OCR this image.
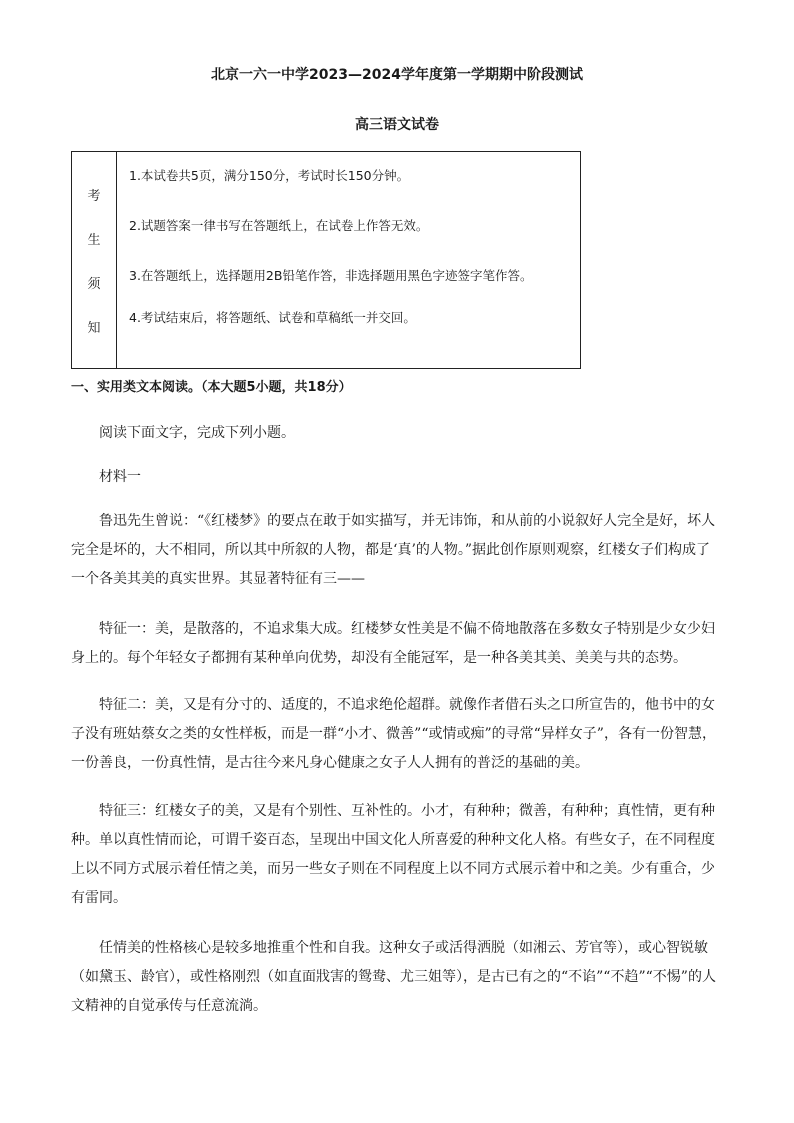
北京一六一中学2023—2024学年度第一学期期中阶段测试
高三语文试卷
考
生
须
知

1.本试卷共5页，满分150分，考试时长150分钟。

2.试题答案一律书写在答题纸上，在试卷上作答无效。

3.在答题纸上，选择题用2B铅笔作答，非选择题用黑色字迹签字笔作答。

4.考试结束后，将答题纸、试卷和草稿纸一并交回。

一、实用类文本阅读。（本大题5小题，共18分）

阅读下面文字，完成下列小题。

材料一

鲁迅先生曾说：“《红楼梦》的要点在敢于如实描写，并无讳饰，和从前的小说叙好人完全是好，坏人完全是坏的，大不相同，所以其中所叙的人物，都是‘真’的人物。”据此创作原则观察，红楼女子们构成了一个各美其美的真实世界。其显著特征有三——

特征一：美，是散落的，不追求集大成。红楼梦女性美是不偏不倚地散落在多数女子特别是少女少妇身上的。每个年轻女子都拥有某种单向优势，却没有全能冠军，是一种各美其美、美美与共的态势。

特征二：美，又是有分寸的、适度的，不追求绝伦超群。就像作者借石头之口所宣告的，他书中的女子没有班姑蔡女之类的女性样板，而是一群“小才、微善”“或情或痴”的寻常“异样女子”，各有一份智慧，一份善良，一份真性情，是古往今来凡身心健康之女子人人拥有的普泛的基础的美。

特征三：红楼女子的美，又是有个别性、互补性的。小才，有种种；微善，有种种；真性情，更有种种。单以真性情而论，可谓千姿百态，呈现出中国文化人所喜爱的种种文化人格。有些女子，在不同程度上以不同方式展示着任情之美，而另一些女子则在不同程度上以不同方式展示着中和之美。少有重合，少有雷同。

任情美的性格核心是较多地推重个性和自我。这种女子或活得洒脱（如湘云、芳官等），或心智锐敏（如黛玉、龄官），或性格刚烈（如直面戕害的鸳鸯、尤三姐等），是古已有之的“不谄”“不趋”“不惕”的人文精神的自觉承传与任意流淌。
